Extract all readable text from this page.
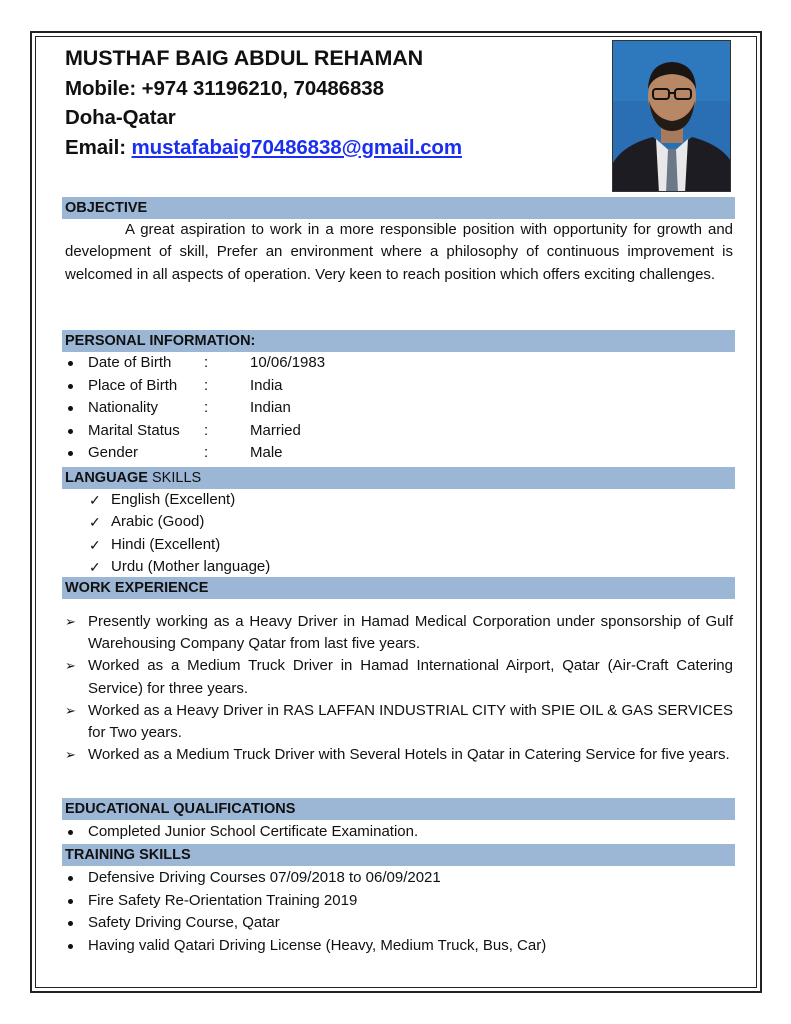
MUSTHAF BAIG ABDUL REHAMAN
Mobile: +974 31196210, 70486838
Doha-Qatar
Email: mustafabaig70486838@gmail.com
OBJECTIVE
A great aspiration to work in a more responsible position with opportunity for growth and development of skill, Prefer an environment where a philosophy of continuous improvement is welcomed in all aspects of operation. Very keen to reach position which offers exciting challenges.
PERSONAL INFORMATION:
Date of Birth :	10/06/1983
Place of Birth :	India
Nationality	:	Indian
Marital Status :	Married
Gender	:	Male
LANGUAGE SKILLS
✓ English (Excellent)
✓ Arabic (Good)
✓ Hindi (Excellent)
✓ Urdu (Mother language)
WORK EXPERIENCE
➢ Presently working as a Heavy Driver in Hamad Medical Corporation under sponsorship of Gulf Warehousing Company Qatar from last five years.
➢ Worked as a Medium Truck Driver in Hamad International Airport, Qatar (Air-Craft Catering Service) for three years.
➢ Worked as a Heavy Driver in RAS LAFFAN INDUSTRIAL CITY with SPIE OIL & GAS SERVICES for Two years.
➢ Worked as a Medium Truck Driver with Several Hotels in Qatar in Catering Service for five years.
EDUCATIONAL QUALIFICATIONS
Completed Junior School Certificate Examination.
TRAINING SKILLS
Defensive Driving Courses 07/09/2018 to 06/09/2021
Fire Safety Re-Orientation Training 2019
Safety Driving Course, Qatar
Having valid Qatari Driving License (Heavy, Medium Truck, Bus, Car)
